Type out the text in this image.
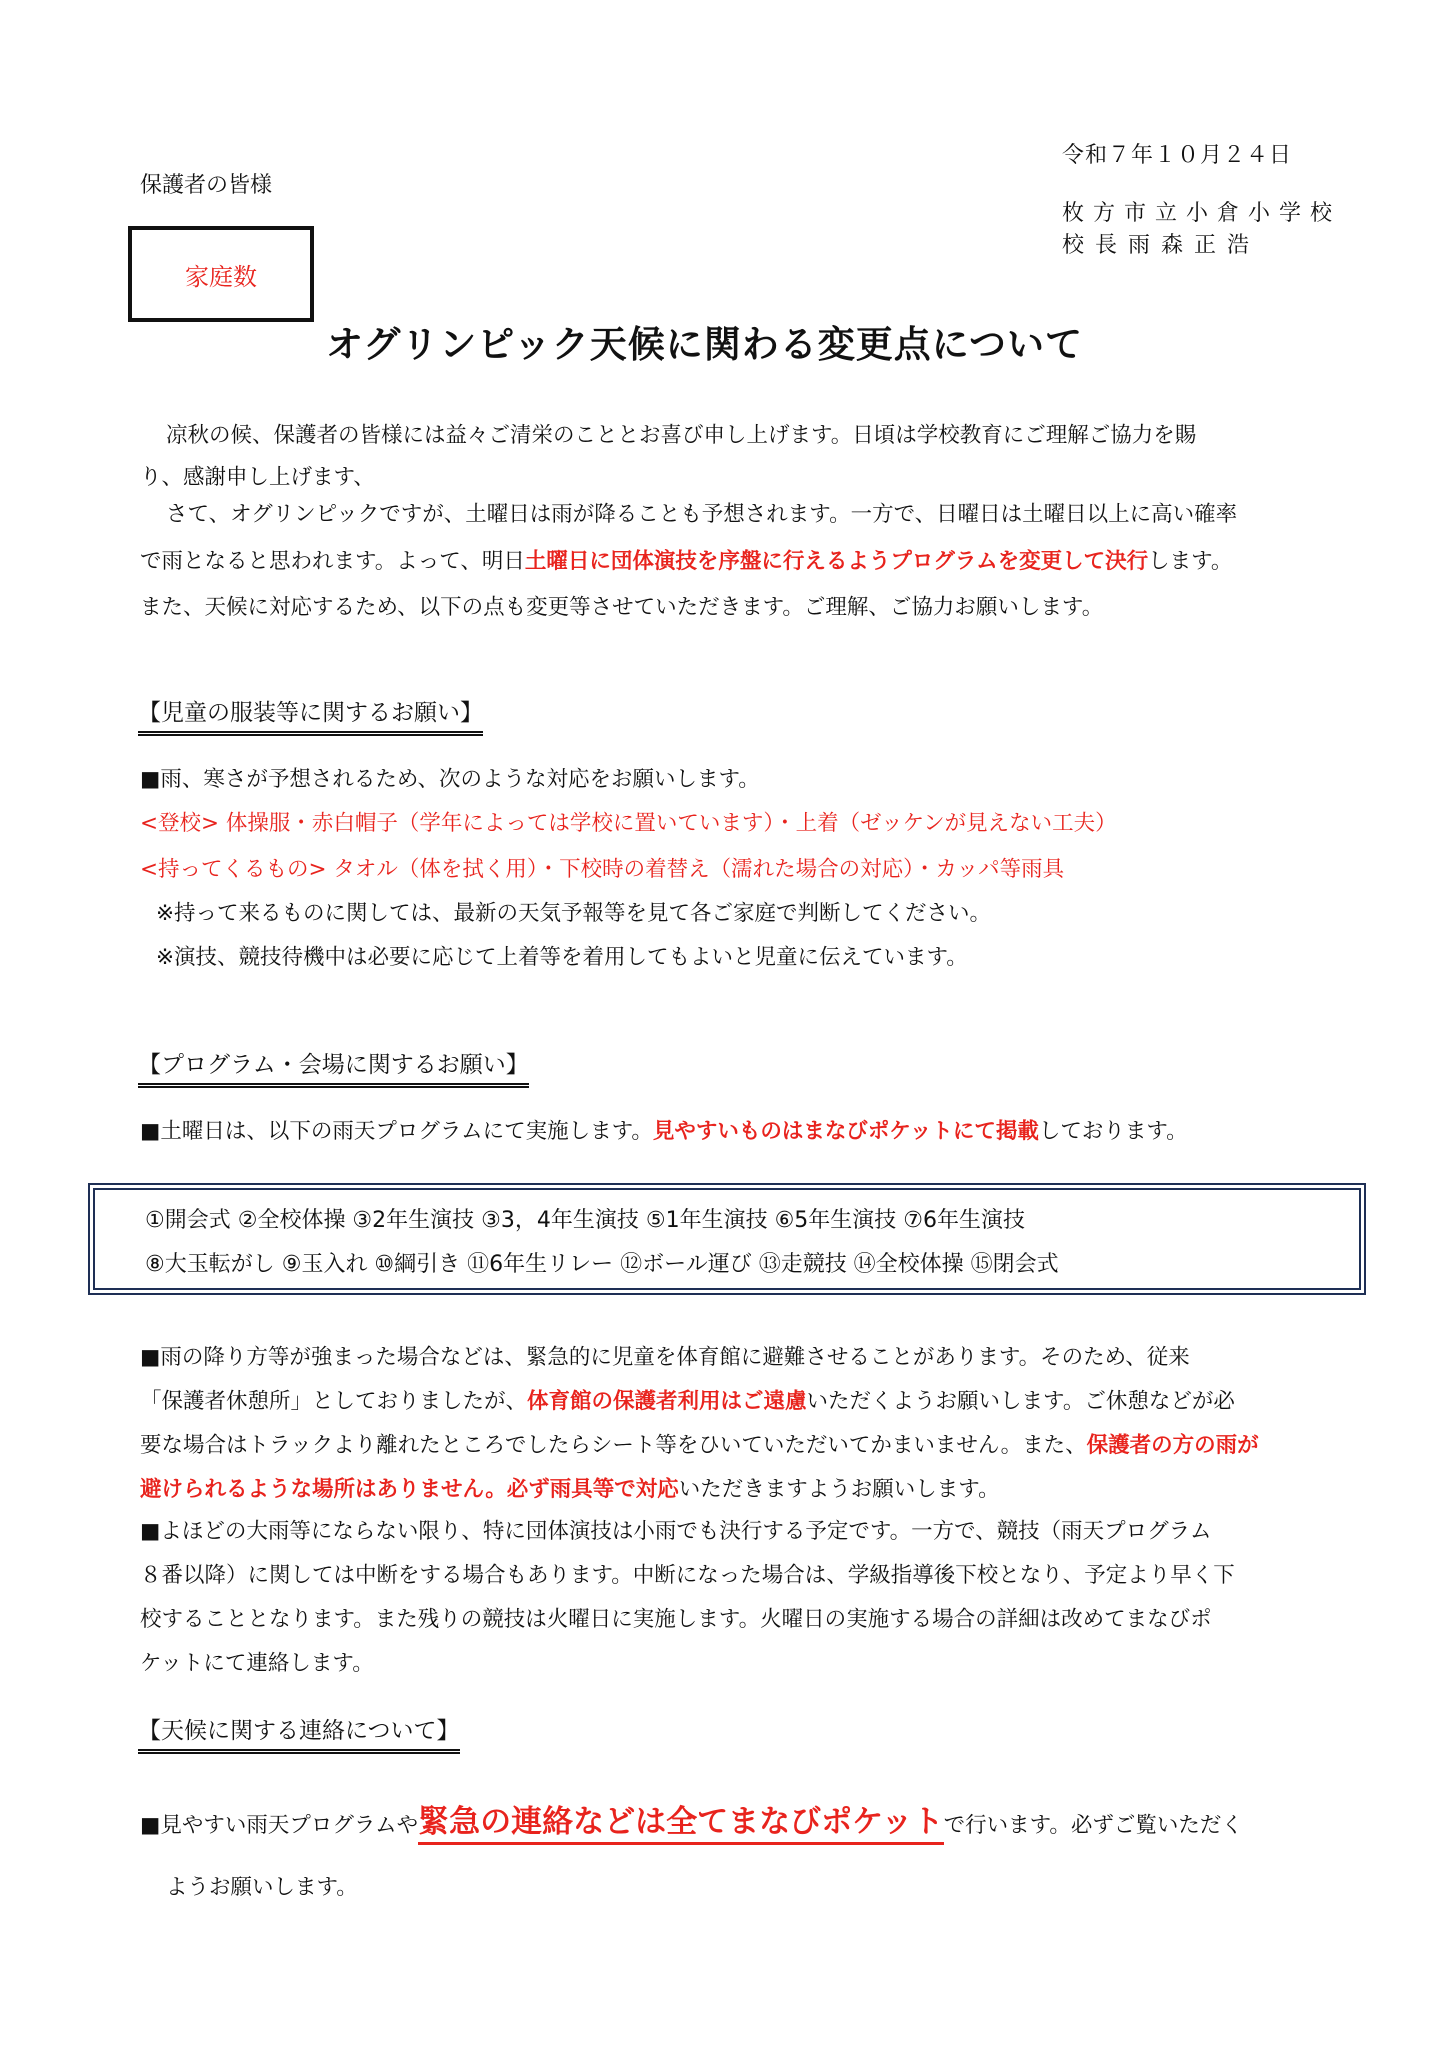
令和７年１０月２４日
保護者の皆様
枚方市立小倉小学校
校 長 雨 森 正 浩
家庭数
オグリンピック天候に関わる変更点について
凉秋の候、保護者の皆様には益々ご清栄のこととお喜び申し上げます。日頃は学校教育にご理解ご協力を賜
り、感謝申し上げます、
さて、オグリンピックですが、土曜日は雨が降ることも予想されます。一方で、日曜日は土曜日以上に高い確率
で雨となると思われます。よって、明日土曜日に団体演技を序盤に行えるようプログラムを変更して決行します。
また、天候に対応するため、以下の点も変更等させていただきます。ご理解、ご協力お願いします。
【児童の服装等に関するお願い】
■雨、寒さが予想されるため、次のような対応をお願いします。
<登校> 体操服・赤白帽子（学年によっては学校に置いています）・上着（ゼッケンが見えない工夫）
<持ってくるもの> タオル（体を拭く用）・下校時の着替え（濡れた場合の対応）・カッパ等雨具
※持って来るものに関しては、最新の天気予報等を見て各ご家庭で判断してください。
※演技、競技待機中は必要に応じて上着等を着用してもよいと児童に伝えています。
【プログラム・会場に関するお願い】
■土曜日は、以下の雨天プログラムにて実施します。見やすいものはまなびポケットにて掲載しております。
①開会式 ②全校体操 ③2年生演技 ③3，4年生演技 ⑤1年生演技 ⑥5年生演技 ⑦6年生演技
⑧大玉転がし ⑨玉入れ ⑩綱引き ⑪6年生リレー ⑫ボール運び ⑬走競技 ⑭全校体操 ⑮閉会式
■雨の降り方等が強まった場合などは、緊急的に児童を体育館に避難させることがあります。そのため、従来
「保護者休憩所」としておりましたが、体育館の保護者利用はご遠慮いただくようお願いします。ご休憩などが必
要な場合はトラックより離れたところでしたらシート等をひいていただいてかまいません。また、保護者の方の雨が
避けられるような場所はありません。必ず雨具等で対応いただきますようお願いします。
■よほどの大雨等にならない限り、特に団体演技は小雨でも決行する予定です。一方で、競技（雨天プログラム
８番以降）に関しては中断をする場合もあります。中断になった場合は、学級指導後下校となり、予定より早く下
校することとなります。また残りの競技は火曜日に実施します。火曜日の実施する場合の詳細は改めてまなびポ
ケットにて連絡します。
【天候に関する連絡について】
■見やすい雨天プログラムや緊急の連絡などは全てまなびポケットで行います。必ずご覧いただく
ようお願いします。
